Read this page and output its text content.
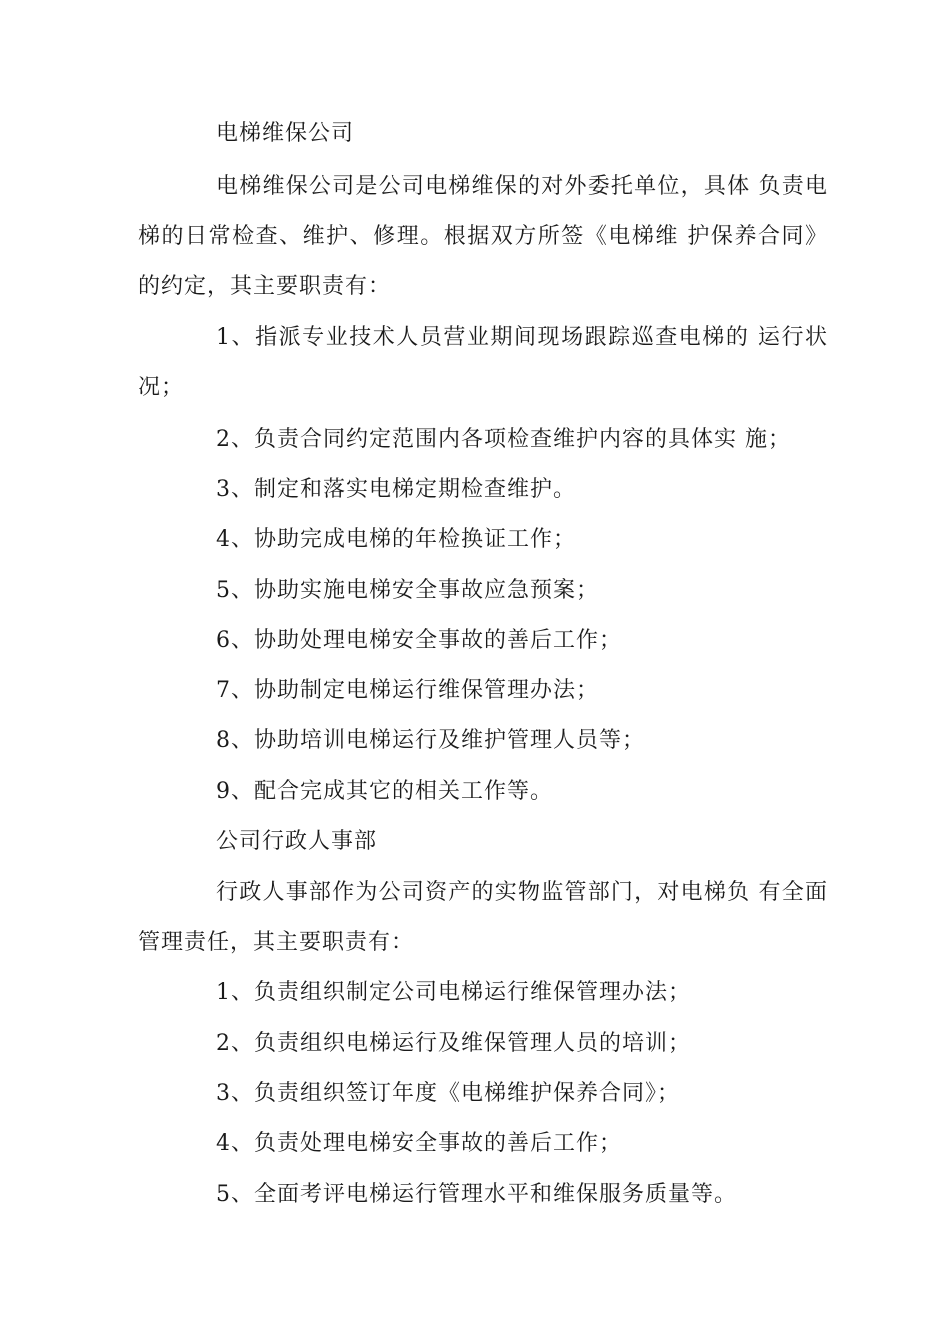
电梯维保公司

电梯维保公司是公司电梯维保的对外委托单位，具体 负责电梯的日常检查、维护、修理。根据双方所签《电梯维 护保养合同》的约定，其主要职责有：

1、指派专业技术人员营业期间现场跟踪巡查电梯的 运行状况；

2、负责合同约定范围内各项检查维护内容的具体实 施；

3、制定和落实电梯定期检查维护。

4、协助完成电梯的年检换证工作；

5、协助实施电梯安全事故应急预案；

6、协助处理电梯安全事故的善后工作；

7、协助制定电梯运行维保管理办法；

8、协助培训电梯运行及维护管理人员等；

9、配合完成其它的相关工作等。

公司行政人事部

行政人事部作为公司资产的实物监管部门，对电梯负 有全面管理责任，其主要职责有：

1、负责组织制定公司电梯运行维保管理办法；

2、负责组织电梯运行及维保管理人员的培训；

3、负责组织签订年度《电梯维护保养合同》；

4、负责处理电梯安全事故的善后工作；

5、全面考评电梯运行管理水平和维保服务质量等。
